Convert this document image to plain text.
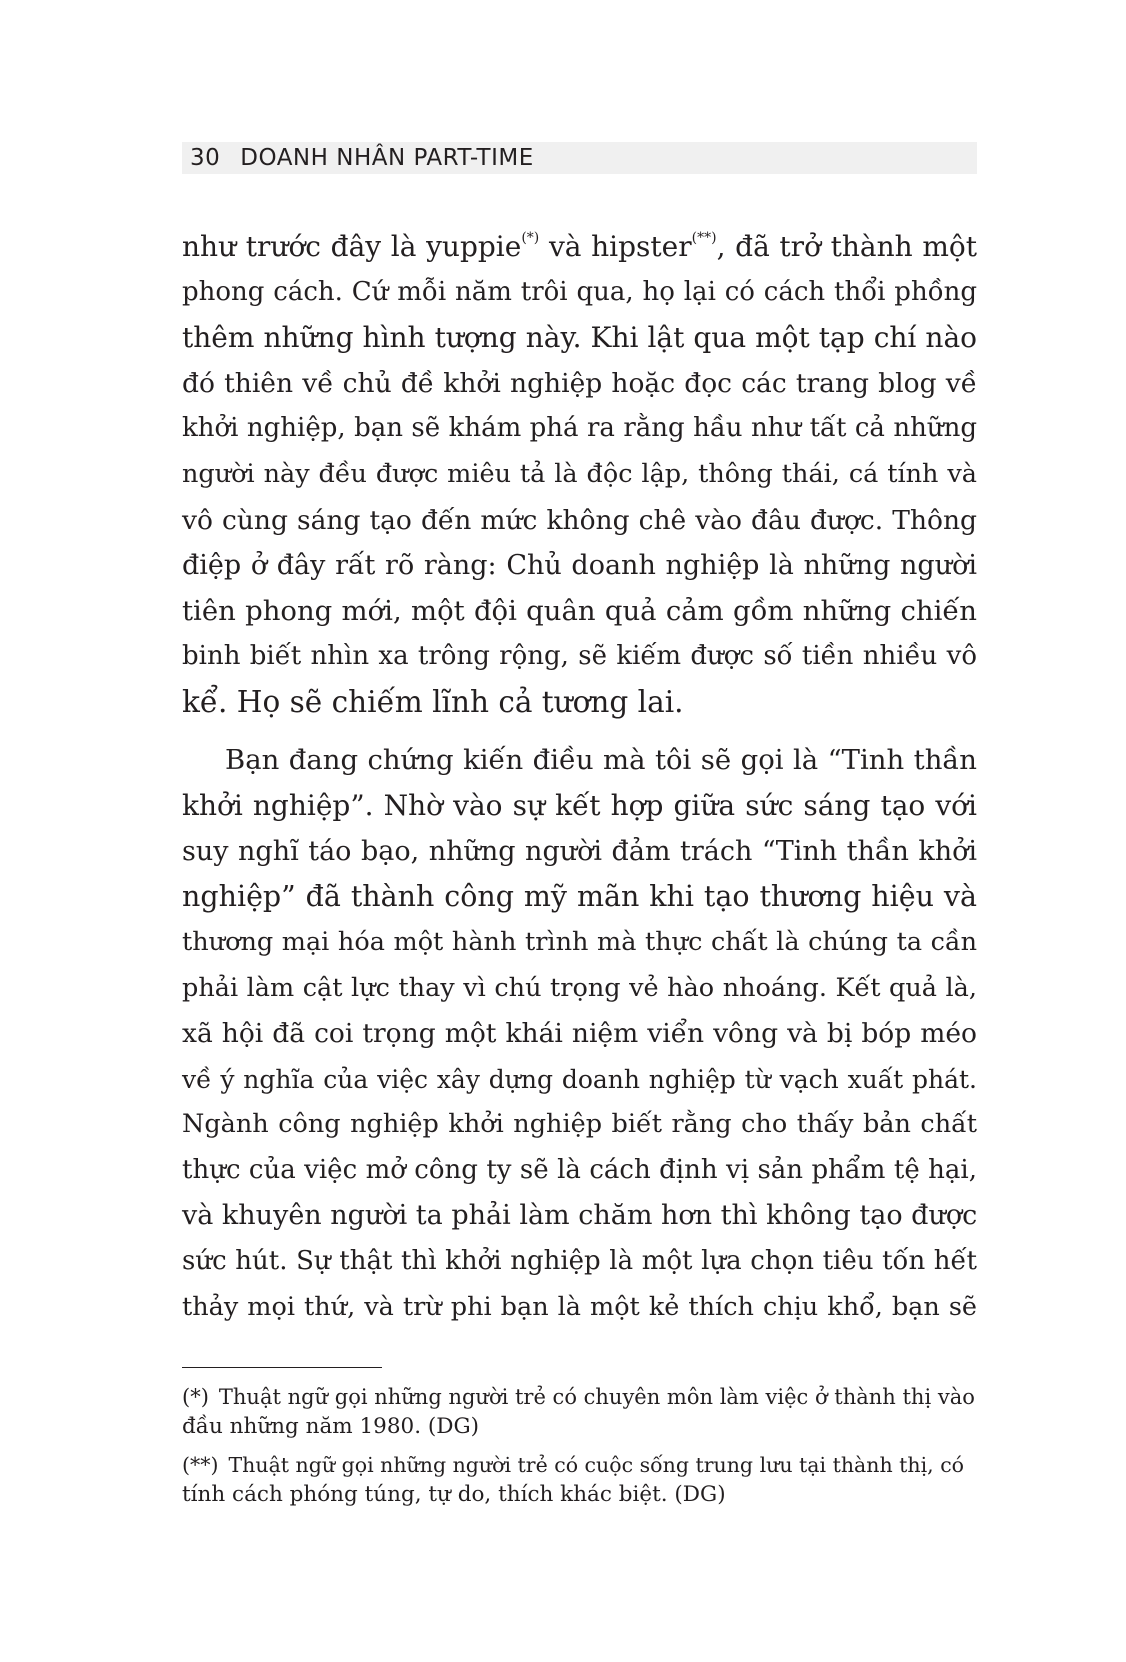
30 DOANH NHÂN PART-TIME

như trước đây là yuppie(*) và hipster(**), đã trở thành một
phong cách. Cứ mỗi năm trôi qua, họ lại có cách thổi phồng
thêm những hình tượng này. Khi lật qua một tạp chí nào
đó thiên về chủ đề khởi nghiệp hoặc đọc các trang blog về
khởi nghiệp, bạn sẽ khám phá ra rằng hầu như tất cả những
người này đều được miêu tả là độc lập, thông thái, cá tính và
vô cùng sáng tạo đến mức không chê vào đâu được. Thông
điệp ở đây rất rõ ràng: Chủ doanh nghiệp là những người
tiên phong mới, một đội quân quả cảm gồm những chiến
binh biết nhìn xa trông rộng, sẽ kiếm được số tiền nhiều vô
kể. Họ sẽ chiếm lĩnh cả tương lai.

Bạn đang chứng kiến điều mà tôi sẽ gọi là “Tinh thần
khởi nghiệp”. Nhờ vào sự kết hợp giữa sức sáng tạo với
suy nghĩ táo bạo, những người đảm trách “Tinh thần khởi
nghiệp” đã thành công mỹ mãn khi tạo thương hiệu và
thương mại hóa một hành trình mà thực chất là chúng ta cần
phải làm cật lực thay vì chú trọng vẻ hào nhoáng. Kết quả là,
xã hội đã coi trọng một khái niệm viển vông và bị bóp méo
về ý nghĩa của việc xây dựng doanh nghiệp từ vạch xuất phát.
Ngành công nghiệp khởi nghiệp biết rằng cho thấy bản chất
thực của việc mở công ty sẽ là cách định vị sản phẩm tệ hại,
và khuyên người ta phải làm chăm hơn thì không tạo được
sức hút. Sự thật thì khởi nghiệp là một lựa chọn tiêu tốn hết
thảy mọi thứ, và trừ phi bạn là một kẻ thích chịu khổ, bạn sẽ

(*) Thuật ngữ gọi những người trẻ có chuyên môn làm việc ở thành thị vào
đầu những năm 1980. (DG)
(**) Thuật ngữ gọi những người trẻ có cuộc sống trung lưu tại thành thị, có
tính cách phóng túng, tự do, thích khác biệt. (DG)
